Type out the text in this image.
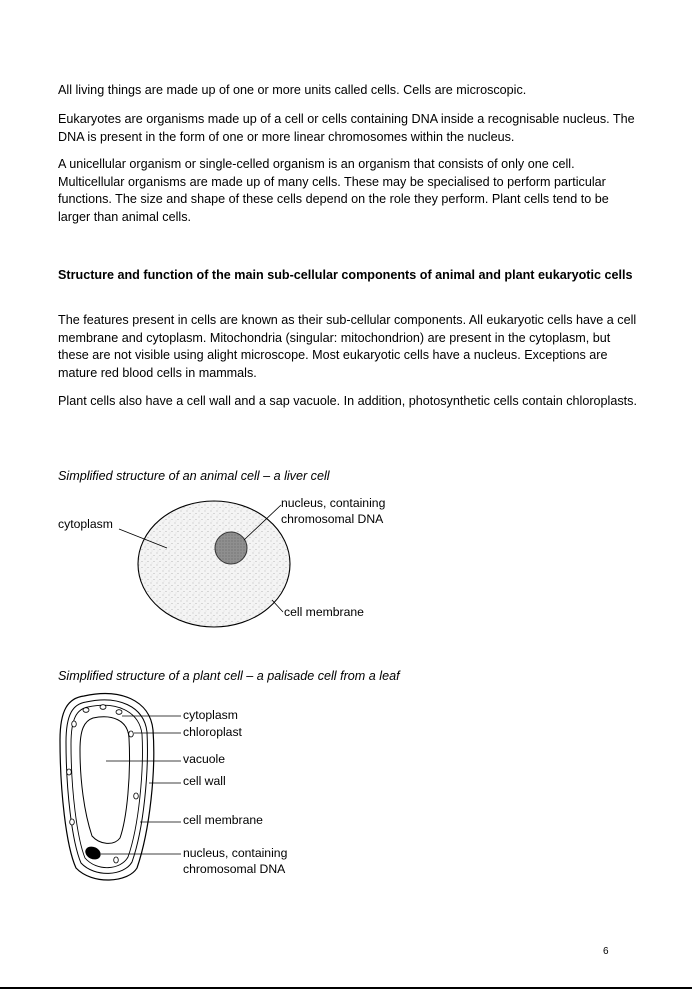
All living things are made up of one or more units called cells. Cells are microscopic.

Eukaryotes are organisms made up of a cell or cells containing DNA inside a recognisable nucleus. The DNA is present in the form of one or more linear chromosomes within the nucleus.

A unicellular organism or single-celled organism is an organism that consists of only one cell. Multicellular organisms are made up of many cells. These may be specialised to perform particular functions. The size and shape of these cells depend on the role they perform. Plant cells tend to be larger than animal cells.

Structure and function of the main sub-cellular components of animal and plant eukaryotic cells

The features present in cells are known as their sub-cellular components. All eukaryotic cells have a cell membrane and cytoplasm. Mitochondria (singular: mitochondrion) are present in the cytoplasm, but these are not visible using alight microscope. Most eukaryotic cells have a nucleus. Exceptions are mature red blood cells in mammals.

Plant cells also have a cell wall and a sap vacuole. In addition, photosynthetic cells contain chloroplasts.

Simplified structure of an animal cell – a liver cell

cytoplasm
nucleus, containing
chromosomal DNA
cell membrane

Simplified structure of a plant cell – a palisade cell from a leaf

cytoplasm
chloroplast
vacuole
cell wall
cell membrane
nucleus, containing
chromosomal DNA
6
